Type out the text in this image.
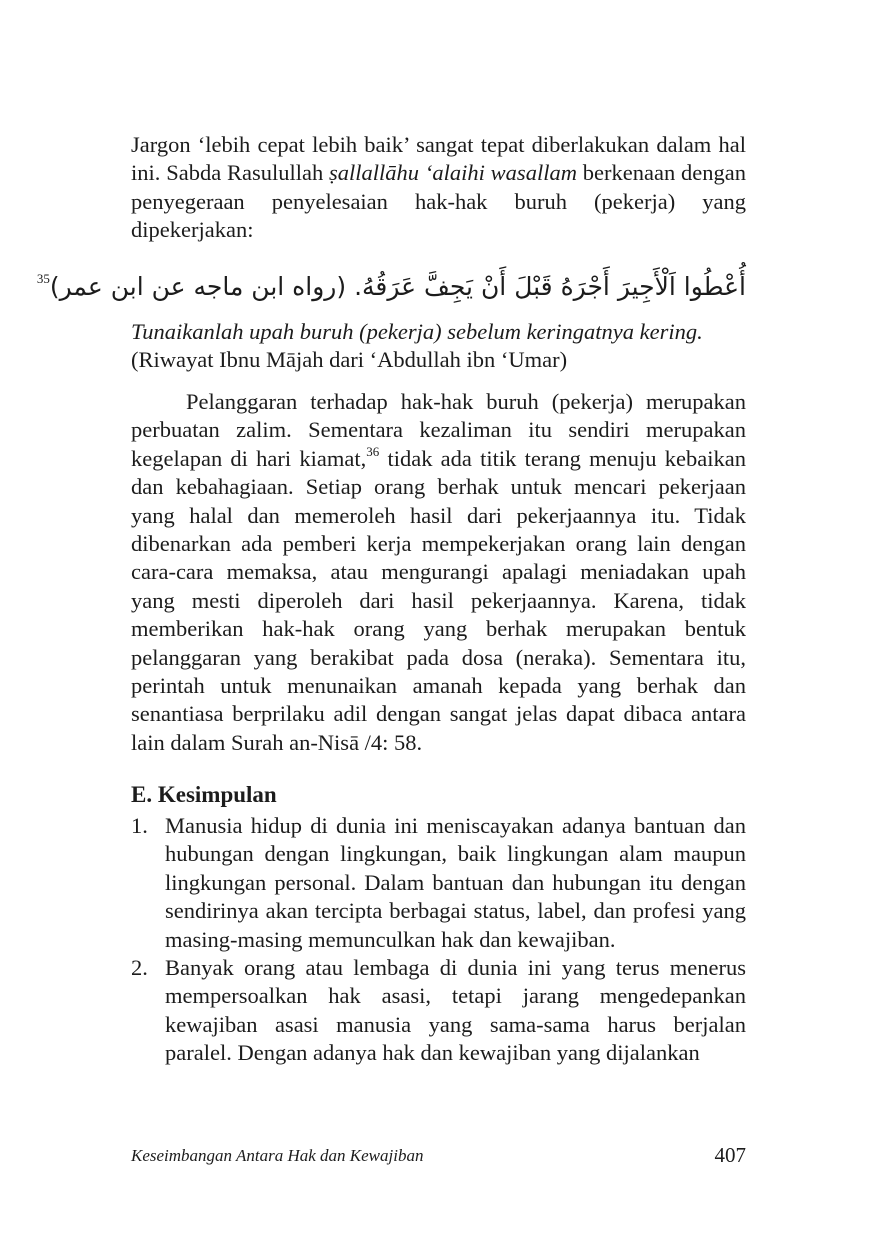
Jargon ‘lebih cepat lebih baik’ sangat tepat diberlakukan dalam hal ini. Sabda Rasulullah ṣallallāhu ‘alaihi wasallam berkenaan dengan penyegeraan penyelesaian hak-hak buruh (pekerja) yang dipekerjakan:

أُعْطُوا اَلْأَجِيرَ أَجْرَهُ قَبْلَ أَنْ يَجِفَّ عَرَقُهُ. (رواه ابن ماجه عن ابن عمر)$^{35}$

Tunaikanlah upah buruh (pekerja) sebelum keringatnya kering. (Riwayat Ibnu Mājah dari ‘Abdullah ibn ‘Umar)

Pelanggaran terhadap hak-hak buruh (pekerja) merupakan perbuatan zalim. Sementara kezaliman itu sendiri merupakan kegelapan di hari kiamat,$^{36}$ tidak ada titik terang menuju kebaikan dan kebahagiaan. Setiap orang berhak untuk mencari pekerjaan yang halal dan memeroleh hasil dari pekerjaannya itu. Tidak dibenarkan ada pemberi kerja mempekerjakan orang lain dengan cara-cara memaksa, atau mengurangi apalagi meniadakan upah yang mesti diperoleh dari hasil pekerjaannya. Karena, tidak memberikan hak-hak orang yang berhak merupakan bentuk pelanggaran yang berakibat pada dosa (neraka). Sementara itu, perintah untuk menunaikan amanah kepada yang berhak dan senantiasa berprilaku adil dengan sangat jelas dapat dibaca antara lain dalam Surah an-Nisā /4: 58.

E. Kesimpulan
1. Manusia hidup di dunia ini meniscayakan adanya bantuan dan hubungan dengan lingkungan, baik lingkungan alam maupun lingkungan personal. Dalam bantuan dan hubungan itu dengan sendirinya akan tercipta berbagai status, label, dan profesi yang masing-masing memunculkan hak dan kewajiban.
2. Banyak orang atau lembaga di dunia ini yang terus menerus mempersoalkan hak asasi, tetapi jarang mengedepankan kewajiban asasi manusia yang sama-sama harus berjalan paralel. Dengan adanya hak dan kewajiban yang dijalankan
Keseimbangan Antara Hak dan Kewajiban	407
